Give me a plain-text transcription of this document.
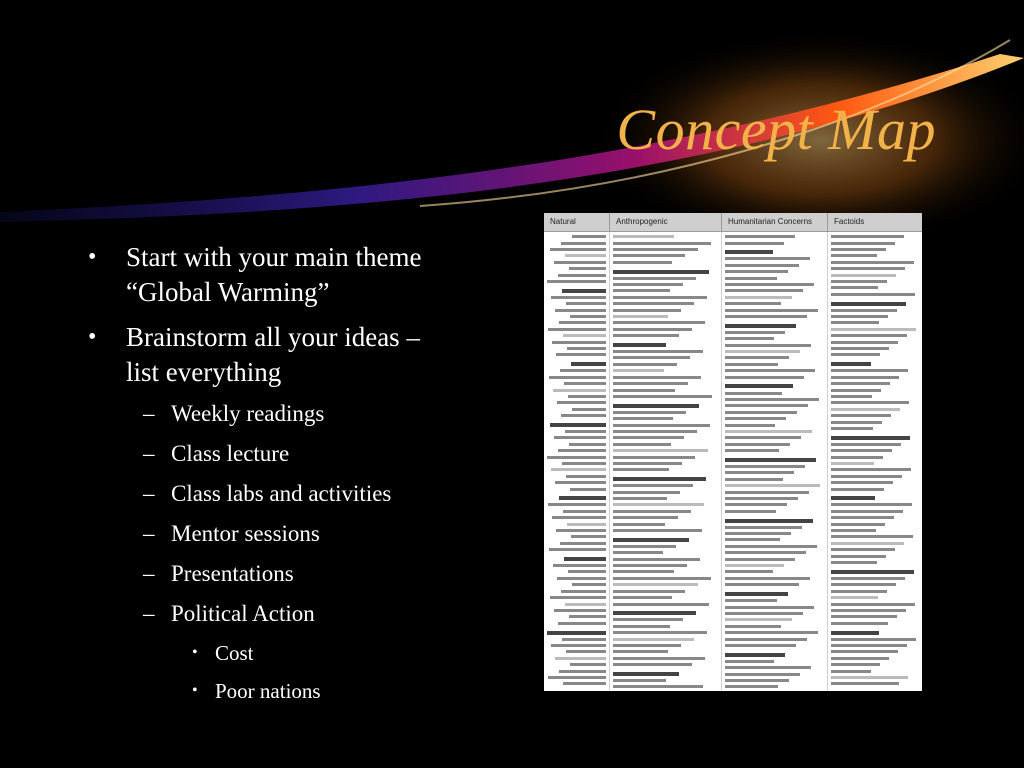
Concept Map
• Start with your main theme
“Global Warming”
• Brainstorm all your ideas –
list everything
– Weekly readings
– Class lecture
– Class labs and activities
– Mentor sessions
– Presentations
– Political Action
• Cost
• Poor nations
Natural	Anthropogenic	Humanitarian Concerns	Factoids
